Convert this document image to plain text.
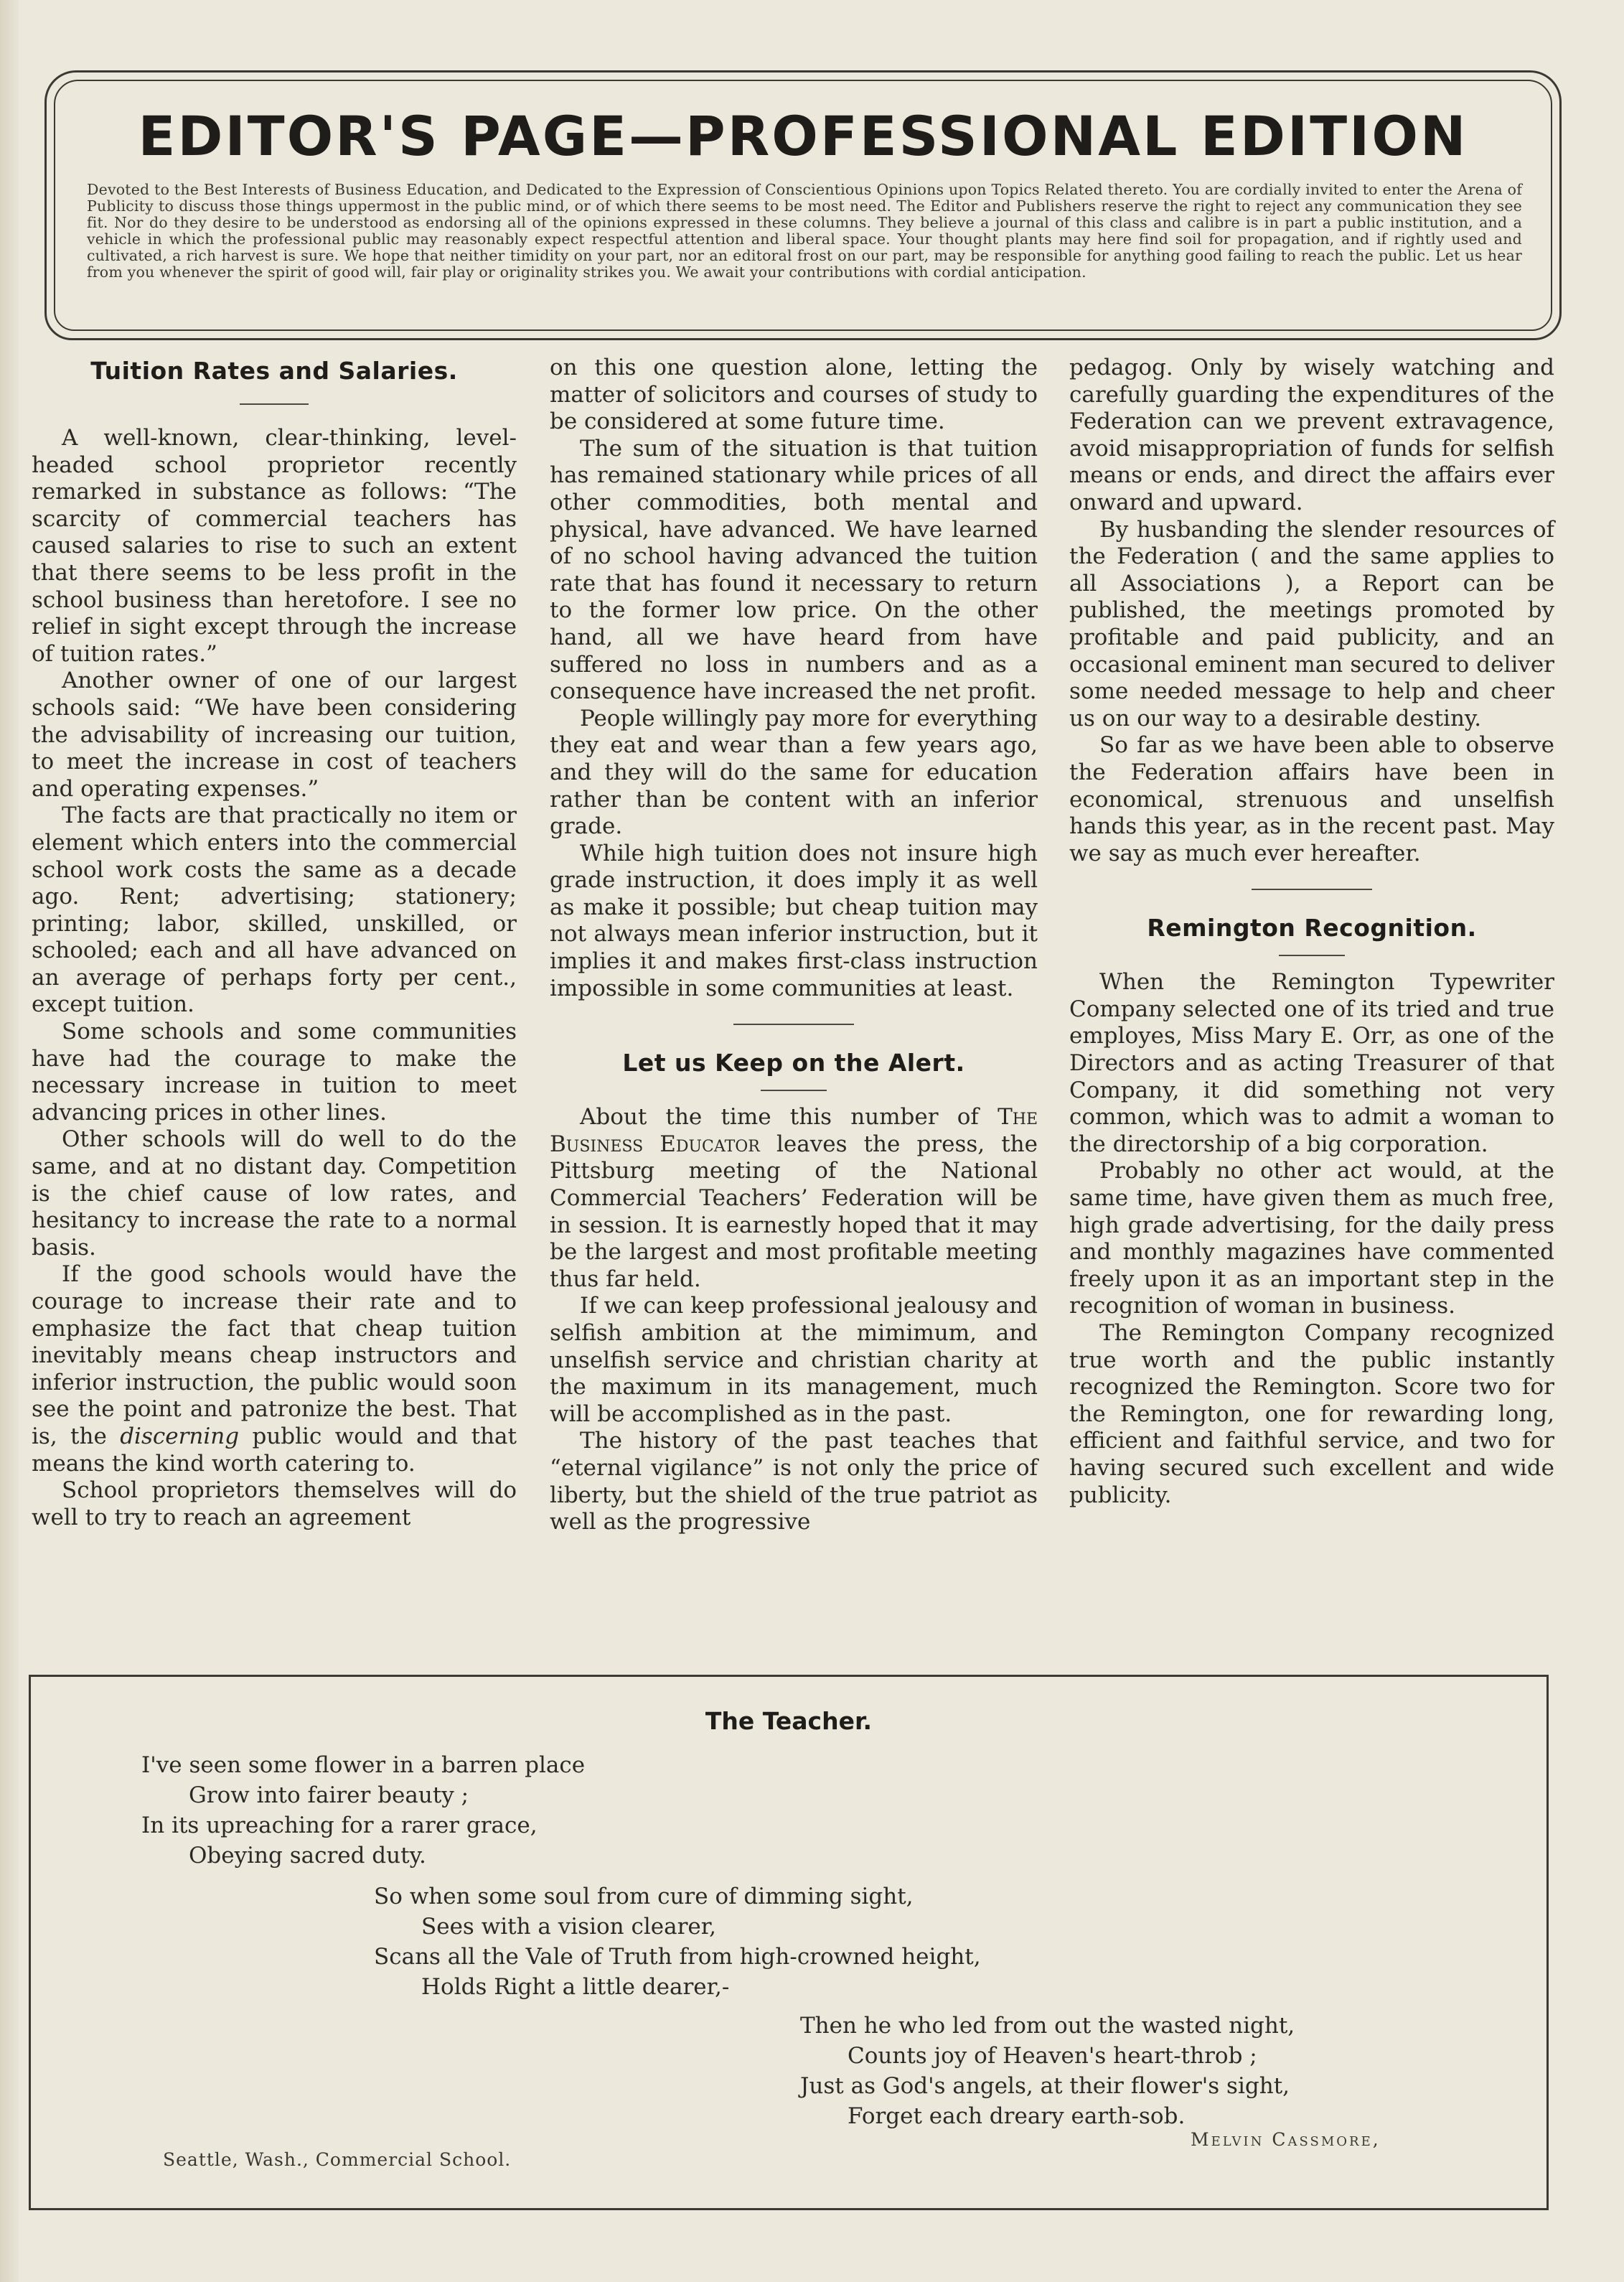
EDITOR'S PAGE—PROFESSIONAL EDITION
Devoted to the Best Interests of Business Education, and Dedicated to the Expression of Conscientious Opinions upon Topics Related thereto. You are cordially invited to enter the Arena of Publicity to discuss those things uppermost in the public mind, or of which there seems to be most need. The Editor and Publishers reserve the right to reject any communication they see fit. Nor do they desire to be understood as endorsing all of the opinions expressed in these columns. They believe a journal of this class and calibre is in part a public institution, and a vehicle in which the professional public may reasonably expect respectful attention and liberal space. Your thought plants may here find soil for propagation, and if rightly used and cultivated, a rich harvest is sure. We hope that neither timidity on your part, nor an editoral frost on our part, may be responsible for anything good failing to reach the public. Let us hear from you whenever the spirit of good will, fair play or originality strikes you. We await your contributions with cordial anticipation.
Tuition Rates and Salaries.

A well-known, clear-thinking, level-headed school proprietor recently remarked in substance as follows: “The scarcity of commercial teachers has caused salaries to rise to such an extent that there seems to be less profit in the school business than heretofore. I see no relief in sight except through the increase of tuition rates.”

Another owner of one of our largest schools said: “We have been considering the advisability of increasing our tuition, to meet the increase in cost of teachers and operating expenses.”

The facts are that practically no item or element which enters into the commercial school work costs the same as a decade ago. Rent; advertising; stationery; printing; labor, skilled, unskilled, or schooled; each and all have advanced on an average of perhaps forty per cent., except tuition.

Some schools and some communities have had the courage to make the necessary increase in tuition to meet advancing prices in other lines.

Other schools will do well to do the same, and at no distant day. Competition is the chief cause of low rates, and hesitancy to increase the rate to a normal basis.

If the good schools would have the courage to increase their rate and to emphasize the fact that cheap tuition inevitably means cheap instructors and inferior instruction, the public would soon see the point and patronize the best. That is, the discerning public would and that means the kind worth catering to.

School proprietors themselves will do well to try to reach an agreement

on this one question alone, letting the matter of solicitors and courses of study to be considered at some future time.

The sum of the situation is that tuition has remained stationary while prices of all other commodities, both mental and physical, have advanced. We have learned of no school having advanced the tuition rate that has found it necessary to return to the former low price. On the other hand, all we have heard from have suffered no loss in numbers and as a consequence have increased the net profit.

People willingly pay more for everything they eat and wear than a few years ago, and they will do the same for education rather than be content with an inferior grade.

While high tuition does not insure high grade instruction, it does imply it as well as make it possible; but cheap tuition may not always mean inferior instruction, but it implies it and makes first-class instruction impossible in some communities at least.

Let us Keep on the Alert.

About the time this number of The Business Educator leaves the press, the Pittsburg meeting of the National Commercial Teachers’ Federation will be in session. It is earnestly hoped that it may be the largest and most profitable meeting thus far held.

If we can keep professional jealousy and selfish ambition at the mimimum, and unselfish service and christian charity at the maximum in its management, much will be accomplished as in the past.

The history of the past teaches that “eternal vigilance” is not only the price of liberty, but the shield of the true patriot as well as the progressive

pedagog. Only by wisely watching and carefully guarding the expenditures of the Federation can we prevent extravagence, avoid misappropriation of funds for selfish means or ends, and direct the affairs ever onward and upward.

By husbanding the slender resources of the Federation ( and the same applies to all Associations ), a Report can be published, the meetings promoted by profitable and paid publicity, and an occasional eminent man secured to deliver some needed message to help and cheer us on our way to a desirable destiny.

So far as we have been able to observe the Federation affairs have been in economical, strenuous and unselfish hands this year, as in the recent past. May we say as much ever hereafter.

Remington Recognition.

When the Remington Typewriter Company selected one of its tried and true employes, Miss Mary E. Orr, as one of the Directors and as acting Treasurer of that Company, it did something not very common, which was to admit a woman to the directorship of a big corporation.

Probably no other act would, at the same time, have given them as much free, high grade advertising, for the daily press and monthly magazines have commented freely upon it as an important step in the recognition of woman in business.

The Remington Company recognized true worth and the public instantly recognized the Remington. Score two for the Remington, one for rewarding long, efficient and faithful service, and two for having secured such excellent and wide publicity.

The Teacher.
I've seen some flower in a barren place
Grow into fairer beauty ;
In its upreaching for a rarer grace,
Obeying sacred duty.
So when some soul from cure of dimming sight,
Sees with a vision clearer,
Scans all the Vale of Truth from high-crowned height,
Holds Right a little dearer,-
Then he who led from out the wasted night,
Counts joy of Heaven's heart-throb ;
Just as God's angels, at their flower's sight,
Forget each dreary earth-sob.
Melvin Cassmore,
Seattle, Wash., Commercial School.
